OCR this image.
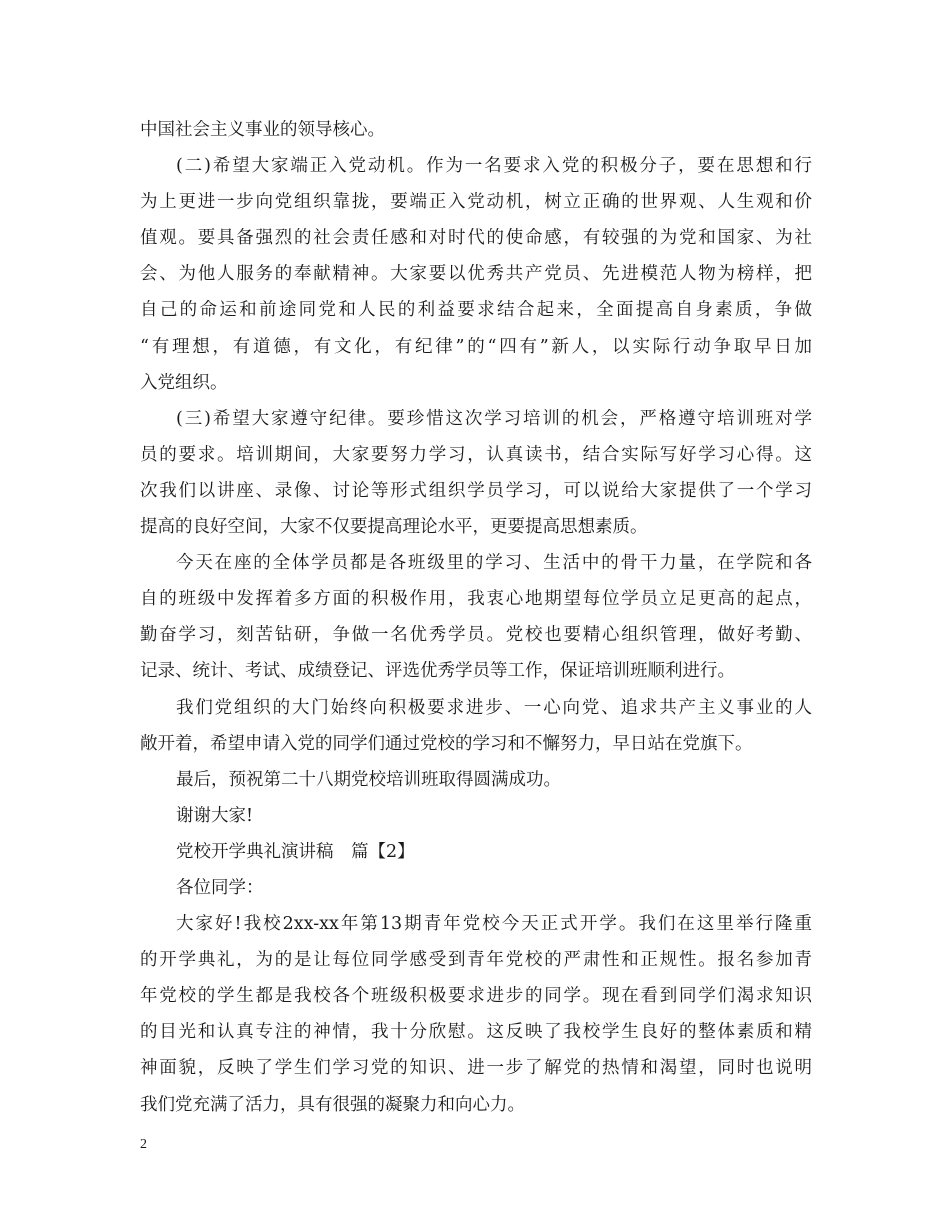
中国社会主义事业的领导核心。
(二)希望大家端正入党动机。作为一名要求入党的积极分子，要在思想和行
为上更进一步向党组织靠拢，要端正入党动机，树立正确的世界观、人生观和价
值观。要具备强烈的社会责任感和对时代的使命感，有较强的为党和国家、为社
会、为他人服务的奉献精神。大家要以优秀共产党员、先进模范人物为榜样，把
自己的命运和前途同党和人民的利益要求结合起来，全面提高自身素质，争做
“有理想，有道德，有文化，有纪律”的“四有”新人，以实际行动争取早日加
入党组织。
(三)希望大家遵守纪律。要珍惜这次学习培训的机会，严格遵守培训班对学
员的要求。培训期间，大家要努力学习，认真读书，结合实际写好学习心得。这
次我们以讲座、录像、讨论等形式组织学员学习，可以说给大家提供了一个学习
提高的良好空间，大家不仅要提高理论水平，更要提高思想素质。
今天在座的全体学员都是各班级里的学习、生活中的骨干力量，在学院和各
自的班级中发挥着多方面的积极作用，我衷心地期望每位学员立足更高的起点，
勤奋学习，刻苦钻研，争做一名优秀学员。党校也要精心组织管理，做好考勤、
记录、统计、考试、成绩登记、评选优秀学员等工作，保证培训班顺利进行。
我们党组织的大门始终向积极要求进步、一心向党、追求共产主义事业的人
敞开着，希望申请入党的同学们通过党校的学习和不懈努力，早日站在党旗下。
最后，预祝第二十八期党校培训班取得圆满成功。
谢谢大家!
党校开学典礼演讲稿　篇【2】
各位同学：
大家好!我校2xx-xx年第13期青年党校今天正式开学。我们在这里举行隆重
的开学典礼，为的是让每位同学感受到青年党校的严肃性和正规性。报名参加青
年党校的学生都是我校各个班级积极要求进步的同学。现在看到同学们渴求知识
的目光和认真专注的神情，我十分欣慰。这反映了我校学生良好的整体素质和精
神面貌，反映了学生们学习党的知识、进一步了解党的热情和渴望，同时也说明
我们党充满了活力，具有很强的凝聚力和向心力。
2
